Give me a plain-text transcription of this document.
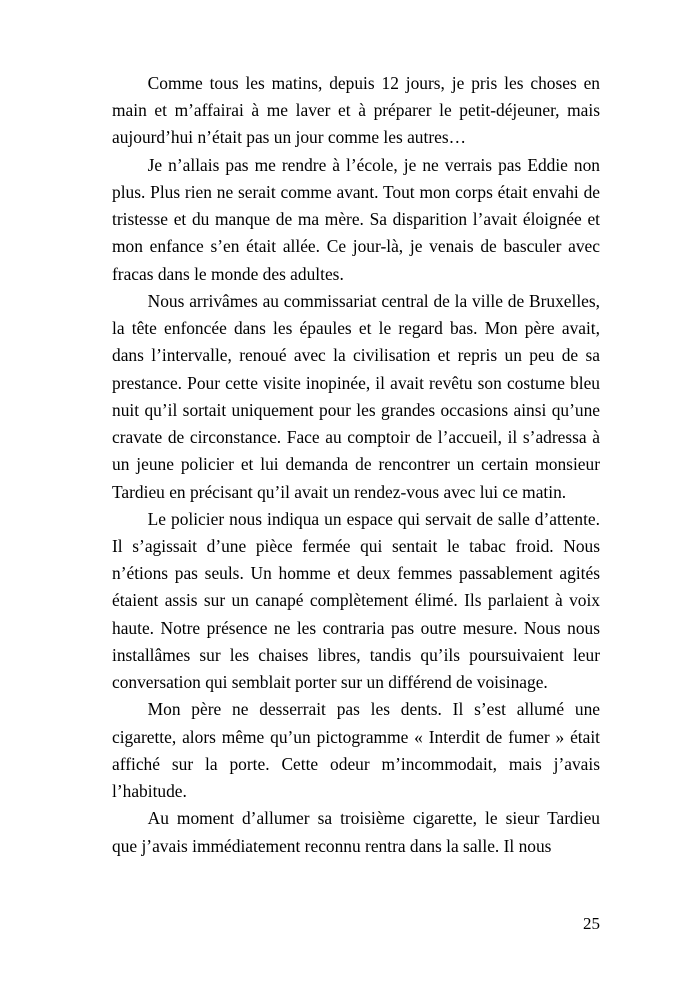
Comme tous les matins, depuis 12 jours, je pris les choses en main et m’affairai à me laver et à préparer le petit-déjeuner, mais aujourd’hui n’était pas un jour comme les autres…

Je n’allais pas me rendre à l’école, je ne verrais pas Eddie non plus. Plus rien ne serait comme avant. Tout mon corps était envahi de tristesse et du manque de ma mère. Sa disparition l’avait éloignée et mon enfance s’en était allée. Ce jour-là, je venais de basculer avec fracas dans le monde des adultes.

Nous arrivâmes au commissariat central de la ville de Bruxelles, la tête enfoncée dans les épaules et le regard bas. Mon père avait, dans l’intervalle, renoué avec la civilisation et repris un peu de sa prestance. Pour cette visite inopinée, il avait revêtu son costume bleu nuit qu’il sortait uniquement pour les grandes occasions ainsi qu’une cravate de circonstance. Face au comptoir de l’accueil, il s’adressa à un jeune policier et lui demanda de rencontrer un certain monsieur Tardieu en précisant qu’il avait un rendez-vous avec lui ce matin.

Le policier nous indiqua un espace qui servait de salle d’attente. Il s’agissait d’une pièce fermée qui sentait le tabac froid. Nous n’étions pas seuls. Un homme et deux femmes passablement agités étaient assis sur un canapé complètement élimé. Ils parlaient à voix haute. Notre présence ne les contraria pas outre mesure. Nous nous installâmes sur les chaises libres, tandis qu’ils poursuivaient leur conversation qui semblait porter sur un différend de voisinage.

Mon père ne desserrait pas les dents. Il s’est allumé une cigarette, alors même qu’un pictogramme « Interdit de fumer » était affiché sur la porte. Cette odeur m’incommodait, mais j’avais l’habitude.

Au moment d’allumer sa troisième cigarette, le sieur Tardieu que j’avais immédiatement reconnu rentra dans la salle. Il nous

25
